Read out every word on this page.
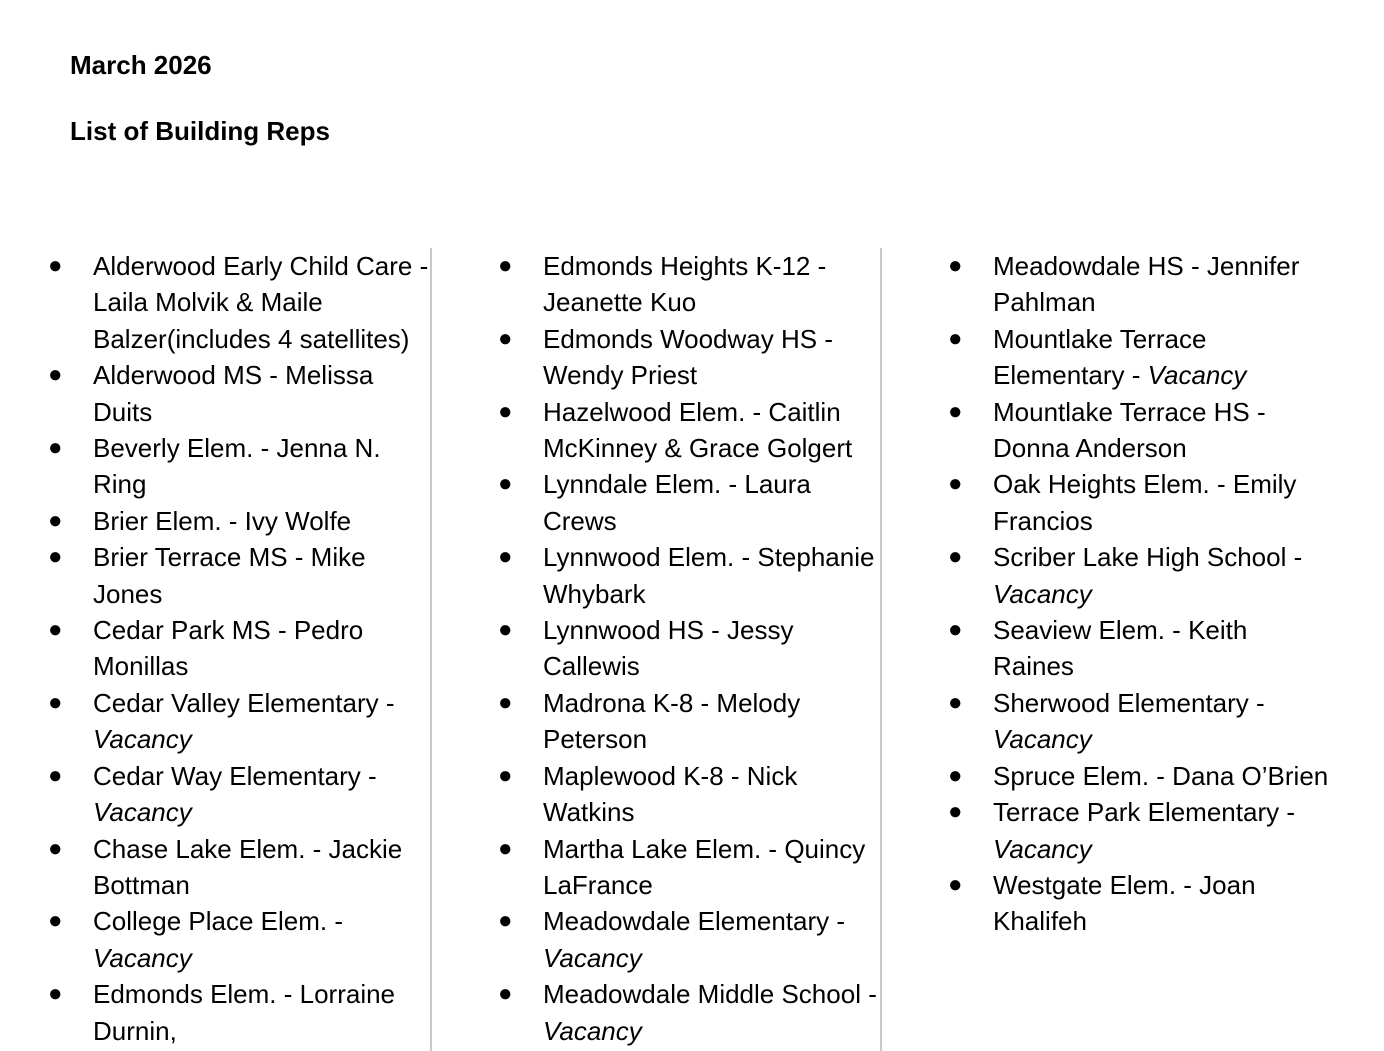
March 2026
List of Building Reps
● Alderwood Early Child Care - Laila Molvik & Maile Balzer(includes 4 satellites)
● Alderwood MS - Melissa Duits
● Beverly Elem. - Jenna N. Ring
● Brier Elem. - Ivy Wolfe
● Brier Terrace MS - Mike Jones
● Cedar Park MS - Pedro Monillas
● Cedar Valley Elementary - Vacancy
● Cedar Way Elementary - Vacancy
● Chase Lake Elem. - Jackie Bottman
● College Place Elem. - Vacancy
● Edmonds Elem. - Lorraine Durnin,
● Edmonds Heights K-12 - Jeanette Kuo
● Edmonds Woodway HS - Wendy Priest
● Hazelwood Elem. - Caitlin McKinney & Grace Golgert
● Lynndale Elem. - Laura Crews
● Lynnwood Elem. - Stephanie Whybark
● Lynnwood HS - Jessy Callewis
● Madrona K-8 - Melody Peterson
● Maplewood K-8 - Nick Watkins
● Martha Lake Elem. - Quincy LaFrance
● Meadowdale Elementary - Vacancy
● Meadowdale Middle School - Vacancy
● Meadowdale HS - Jennifer Pahlman
● Mountlake Terrace Elementary - Vacancy
● Mountlake Terrace HS - Donna Anderson
● Oak Heights Elem. - Emily Francios
● Scriber Lake High School - Vacancy
● Seaview Elem. - Keith Raines
● Sherwood Elementary - Vacancy
● Spruce Elem. - Dana O’Brien
● Terrace Park Elementary - Vacancy
● Westgate Elem. - Joan Khalifeh
